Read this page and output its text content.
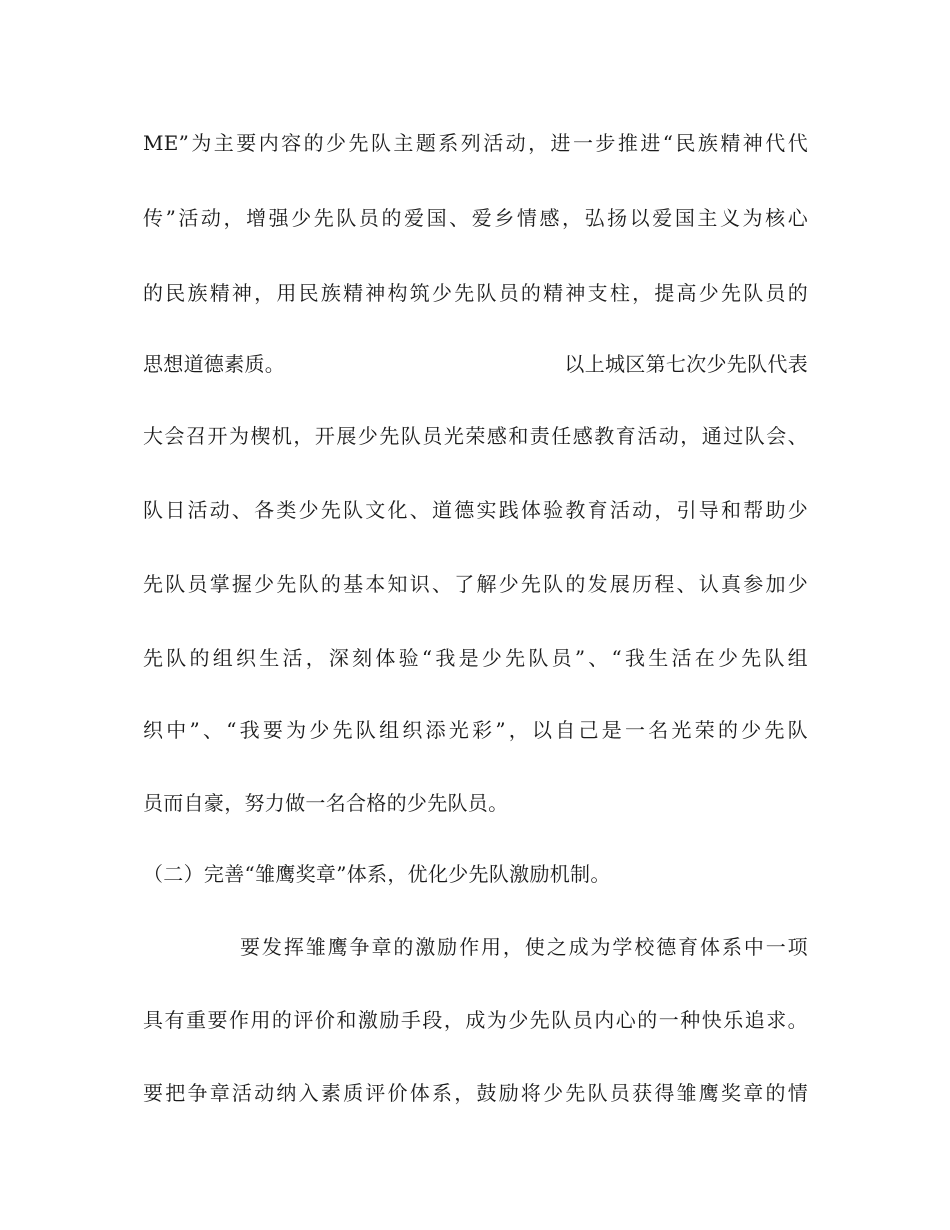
ME”为主要内容的少先队主题系列活动，进一步推进“民族精神代代
传”活动，增强少先队员的爱国、爱乡情感，弘扬以爱国主义为核心
的民族精神，用民族精神构筑少先队员的精神支柱，提高少先队员的
思想道德素质。	以上城区第七次少先队代表
大会召开为楔机，开展少先队员光荣感和责任感教育活动，通过队会、
队日活动、各类少先队文化、道德实践体验教育活动，引导和帮助少
先队员掌握少先队的基本知识、了解少先队的发展历程、认真参加少
先队的组织生活，深刻体验“我是少先队员”、“我生活在少先队组
织中”、“我要为少先队组织添光彩”，以自己是一名光荣的少先队
员而自豪，努力做一名合格的少先队员。
（二）完善“雏鹰奖章”体系，优化少先队激励机制。
要发挥雏鹰争章的激励作用，使之成为学校德育体系中一项
具有重要作用的评价和激励手段，成为少先队员内心的一种快乐追求。
要把争章活动纳入素质评价体系，鼓励将少先队员获得雏鹰奖章的情
